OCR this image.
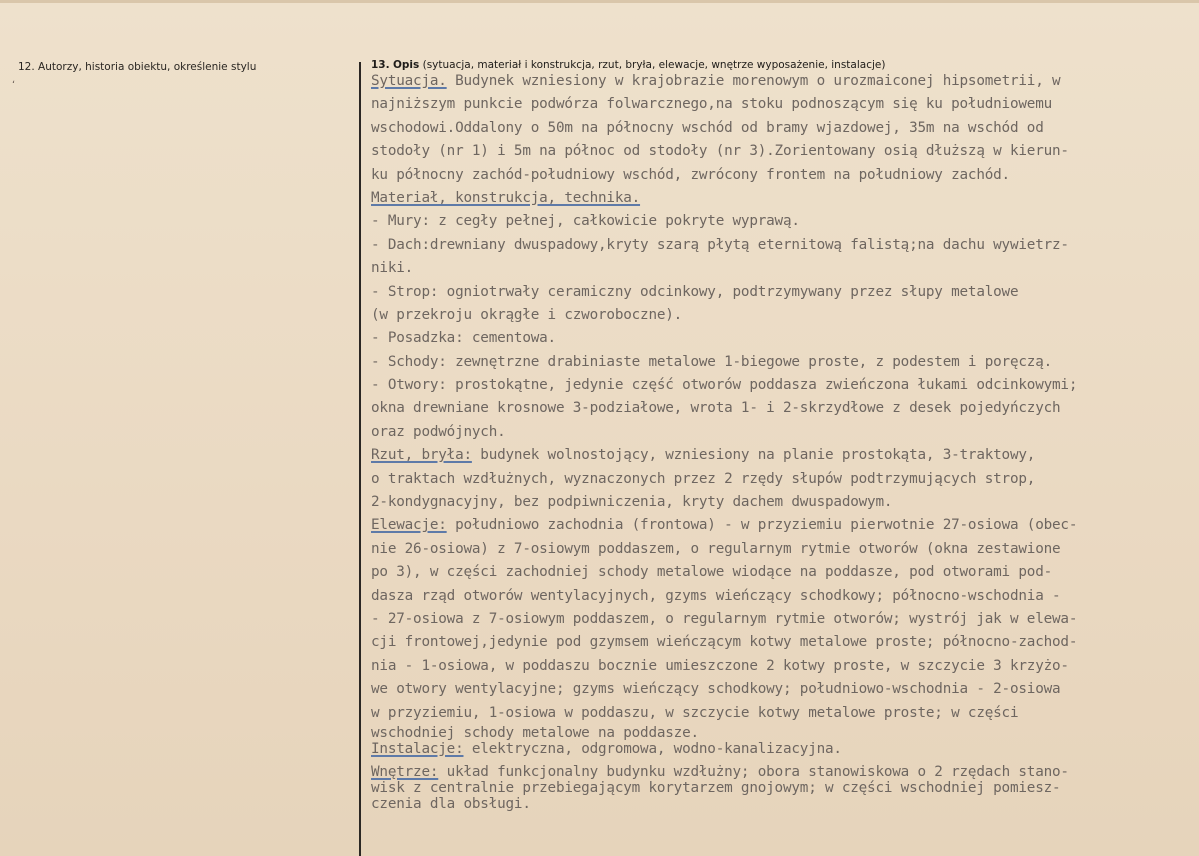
12. Autorzy, historia obiektu, określenie stylu
ʻ
13. Opis (sytuacja, materiał i konstrukcja, rzut, bryła, elewacje, wnętrze wyposażenie, instalacje)
Sytuacja. Budynek wzniesiony w krajobrazie morenowym o urozmaiconej hipsometrii, w
najniższym punkcie podwórza folwarcznego,na stoku podnoszącym się ku południowemu
wschodowi.Oddalony o 50m na północny wschód od bramy wjazdowej, 35m na wschód od
stodoły (nr 1) i 5m na północ od stodoły (nr 3).Zorientowany osią dłuższą w kierun-
ku północny zachód-południowy wschód, zwrócony frontem na południowy zachód.
Materiał, konstrukcja, technika.
- Mury: z cegły pełnej, całkowicie pokryte wyprawą.
- Dach:drewniany dwuspadowy,kryty szarą płytą eternitową falistą;na dachu wywietrz-
niki.
- Strop: ogniotrwały ceramiczny odcinkowy, podtrzymywany przez słupy metalowe
(w przekroju okrągłe i czworoboczne).
- Posadzka: cementowa.
- Schody: zewnętrzne drabiniaste metalowe 1-biegowe proste, z podestem i poręczą.
- Otwory: prostokątne, jedynie część otworów poddasza zwieńczona łukami odcinkowymi;
okna drewniane krosnowe 3-podziałowe, wrota 1- i 2-skrzydłowe z desek pojedyńczych
oraz podwójnych.
Rzut, bryła: budynek wolnostojący, wzniesiony na planie prostokąta, 3-traktowy,
o traktach wzdłużnych, wyznaczonych przez 2 rzędy słupów podtrzymujących strop,
2-kondygnacyjny, bez podpiwniczenia, kryty dachem dwuspadowym.
Elewacje: południowo zachodnia (frontowa) - w przyziemiu pierwotnie 27-osiowa (obec-
nie 26-osiowa) z 7-osiowym poddaszem, o regularnym rytmie otworów (okna zestawione
po 3), w części zachodniej schody metalowe wiodące na poddasze, pod otworami pod-
dasza rząd otworów wentylacyjnych, gzyms wieńczący schodkowy; północno-wschodnia -
- 27-osiowa z 7-osiowym poddaszem, o regularnym rytmie otworów; wystrój jak w elewa-
cji frontowej,jedynie pod gzymsem wieńczącym kotwy metalowe proste; północno-zachod-
nia - 1-osiowa, w poddaszu bocznie umieszczone 2 kotwy proste, w szczycie 3 krzyżo-
we otwory wentylacyjne; gzyms wieńczący schodkowy; południowo-wschodnia - 2-osiowa
w przyziemiu, 1-osiowa w poddaszu, w szczycie kotwy metalowe proste; w części
wschodniej schody metalowe na poddasze.
Instalacje: elektryczna, odgromowa, wodno-kanalizacyjna.
Wnętrze: układ funkcjonalny budynku wzdłużny; obora stanowiskowa o 2 rzędach stano-
wisk z centralnie przebiegającym korytarzem gnojowym; w części wschodniej pomiesz-
czenia dla obsługi.
